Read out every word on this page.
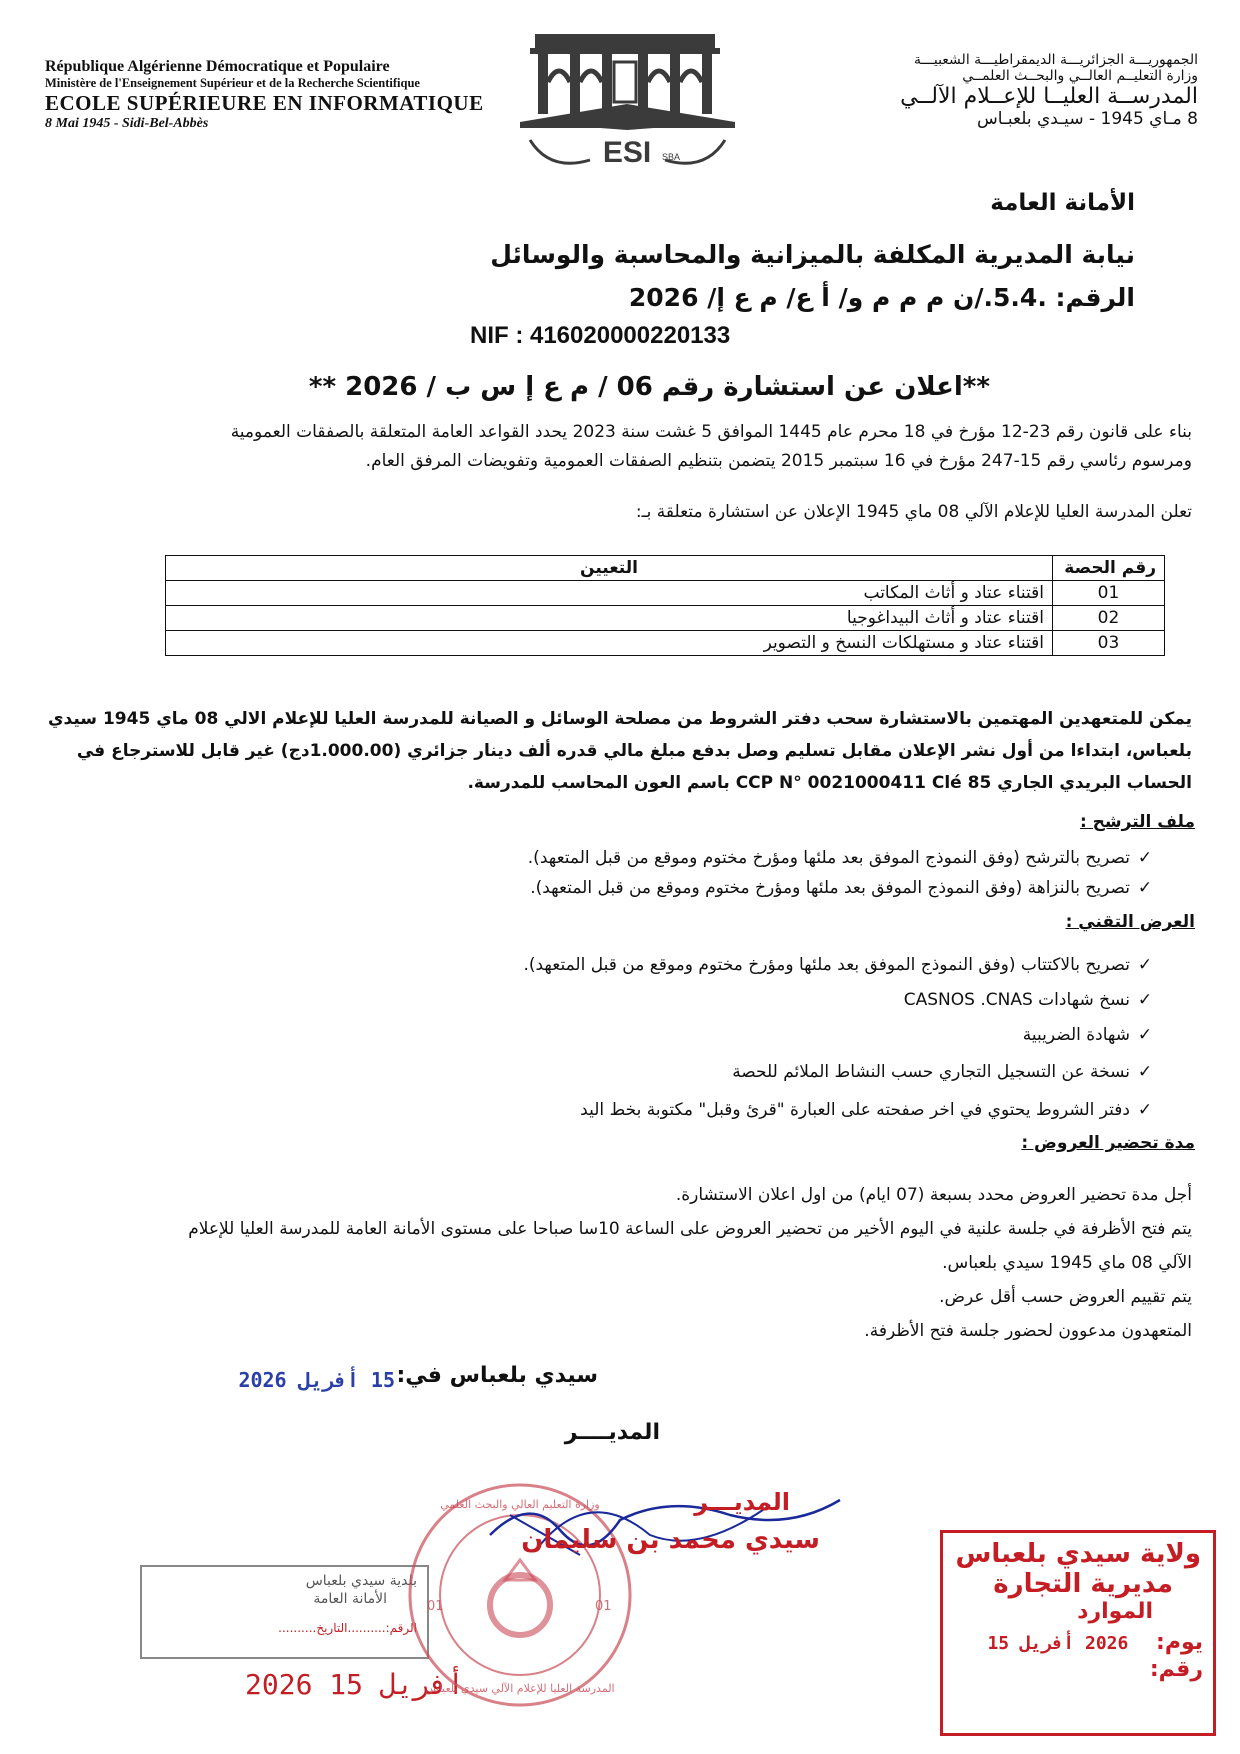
République Algérienne Démocratique et Populaire
Ministère de l'Enseignement Supérieur et de la Recherche Scientifique
ECOLE SUPÉRIEURE EN INFORMATIQUE
8 Mai 1945 - Sidi-Bel-Abbès
ESI SBA
الجمهوريـــة الجزائريـــة الديمقراطيـــة الشعبيـــة
وزارة التعليــم العالــي والبحــث العلمــي
المدرســة العليــا للإعــلام الآلــي
8 مـاي 1945 - سيـدي بلعبـاس
الأمانة العامة
نيابة المديرية المكلفة بالميزانية والمحاسبة والوسائل
الرقم: .5.4./ن م م م و/ أ ع/ م ع إ/ 2026
NIF : 416020000220133
**اعلان عن استشارة رقم 06 / م ع إ س ب / 2026 **
بناء على قانون رقم 23-12 مؤرخ في 18 محرم عام 1445 الموافق 5 غشت سنة 2023 يحدد القواعد العامة المتعلقة بالصفقات العمومية
ومرسوم رئاسي رقم 15-247 مؤرخ في 16 سبتمبر 2015 يتضمن بتنظيم الصفقات العمومية وتفويضات المرفق العام.
تعلن المدرسة العليا للإعلام الآلي 08 ماي 1945 الإعلان عن استشارة متعلقة بـ:
رقم الحصة	التعيين
01	اقتناء عتاد و أثاث المكاتب
02	اقتناء عتاد و أثاث البيداغوجيا
03	اقتناء عتاد و مستهلكات النسخ و التصوير
يمكن للمتعهدين المهتمين بالاستشارة سحب دفتر الشروط من مصلحة الوسائل و الصيانة للمدرسة العليا للإعلام الالي 08 ماي 1945 سيدي
بلعباس، ابتداءا من أول نشر الإعلان مقابل تسليم وصل بدفع مبلغ مالي قدره ألف دينار جزائري (1.000.00دج) غير قابل للاسترجاع في
الحساب البريدي الجاري CCP N° 0021000411 Clé 85 باسم العون المحاسب للمدرسة.
ملف الترشح :
✓تصريح بالترشح (وفق النموذج الموفق بعد ملئها ومؤرخ مختوم وموقع من قبل المتعهد).
✓تصريح بالنزاهة (وفق النموذج الموفق بعد ملئها ومؤرخ مختوم وموقع من قبل المتعهد).
العرض التقني :
✓تصريح بالاكتتاب (وفق النموذج الموفق بعد ملئها ومؤرخ مختوم وموقع من قبل المتعهد).
✓نسخ شهادات CASNOS .CNAS
✓شهادة الضريبية
✓نسخة عن التسجيل التجاري حسب النشاط الملائم للحصة
✓دفتر الشروط يحتوي في اخر صفحته على العبارة "قرئ وقبل" مكتوبة بخط اليد
مدة تحضير العروض :
أجل مدة تحضير العروض محدد بسبعة (07 ايام) من اول اعلان الاستشارة.
يتم فتح الأظرفة في جلسة علنية في اليوم الأخير من تحضير العروض على الساعة 10سا صباحا على مستوى الأمانة العامة للمدرسة العليا للإعلام
الآلي 08 ماي 1945 سيدي بلعباس.
يتم تقييم العروض حسب أقل عرض.
المتعهدون مدعوون لحضور جلسة فتح الأظرفة.
سيدي بلعباس في:
15 أفريل 2026
المديــــر
بلدية سيدي بلعباس
الأمانة العامة
الرقم:..........التاريخ..........
2026 أفريل 15
01	01
وزارة التعليم العالي والبحث العلمي
المدرسة العليا للإعلام الآلي سيدي بلعباس
المديـــر
سيدي محمد بن سليمان	ولاية سيدي بلعباس
مديرية التجارة
الموارد
يوم: 2026 أفريل 15
رقم:
